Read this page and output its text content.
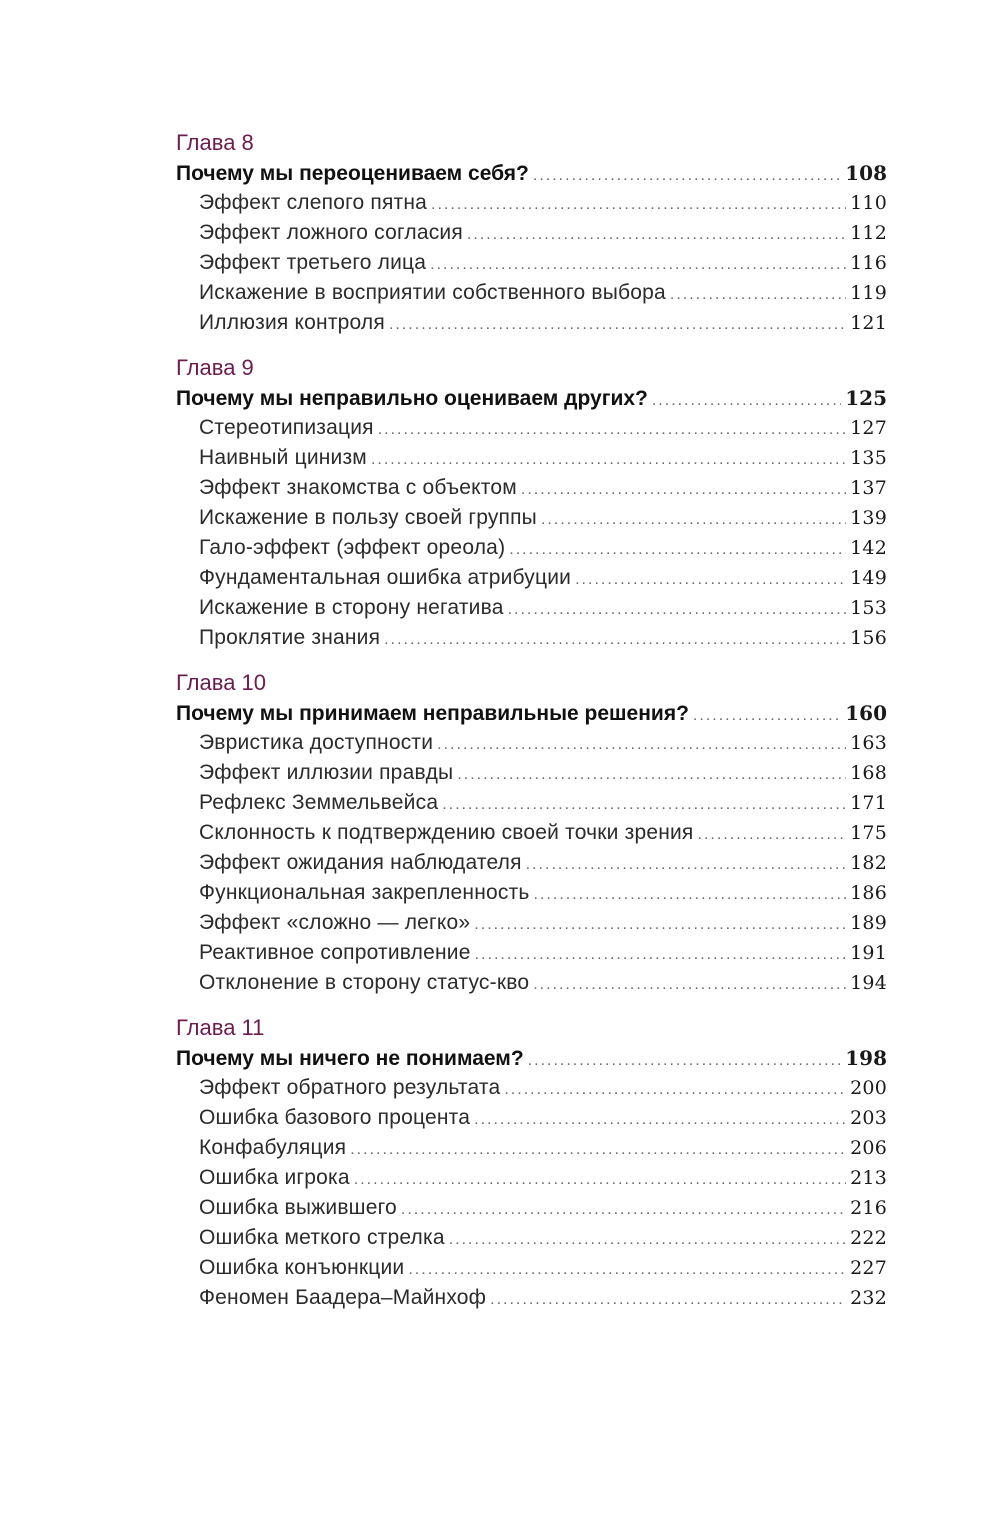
Глава 8
Почему мы переоцениваем себя? .....	108
Эффект слепого пятна .....	110
Эффект ложного согласия .....	112
Эффект третьего лица .....	116
Искажение в восприятии собственного выбора .....	119
Иллюзия контроля .....	121
Глава 9
Почему мы неправильно оцениваем других? .....	125
Стереотипизация .....	127
Наивный цинизм .....	135
Эффект знакомства с объектом .....	137
Искажение в пользу своей группы .....	139
Гало-эффект (эффект ореола) .....	142
Фундаментальная ошибка атрибуции .....	149
Искажение в сторону негатива .....	153
Проклятие знания .....	156
Глава 10
Почему мы принимаем неправильные решения? .....	160
Эвристика доступности .....	163
Эффект иллюзии правды .....	168
Рефлекс Земмельвейса .....	171
Склонность к подтверждению своей точки зрения .....	175
Эффект ожидания наблюдателя .....	182
Функциональная закрепленность .....	186
Эффект «сложно — легко» .....	189
Реактивное сопротивление .....	191
Отклонение в сторону статус-кво .....	194
Глава 11
Почему мы ничего не понимаем? .....	198
Эффект обратного результата .....	200
Ошибка базового процента .....	203
Конфабуляция .....	206
Ошибка игрока .....	213
Ошибка выжившего .....	216
Ошибка меткого стрелка .....	222
Ошибка конъюнкции .....	227
Феномен Баадера–Майнхоф .....	232
